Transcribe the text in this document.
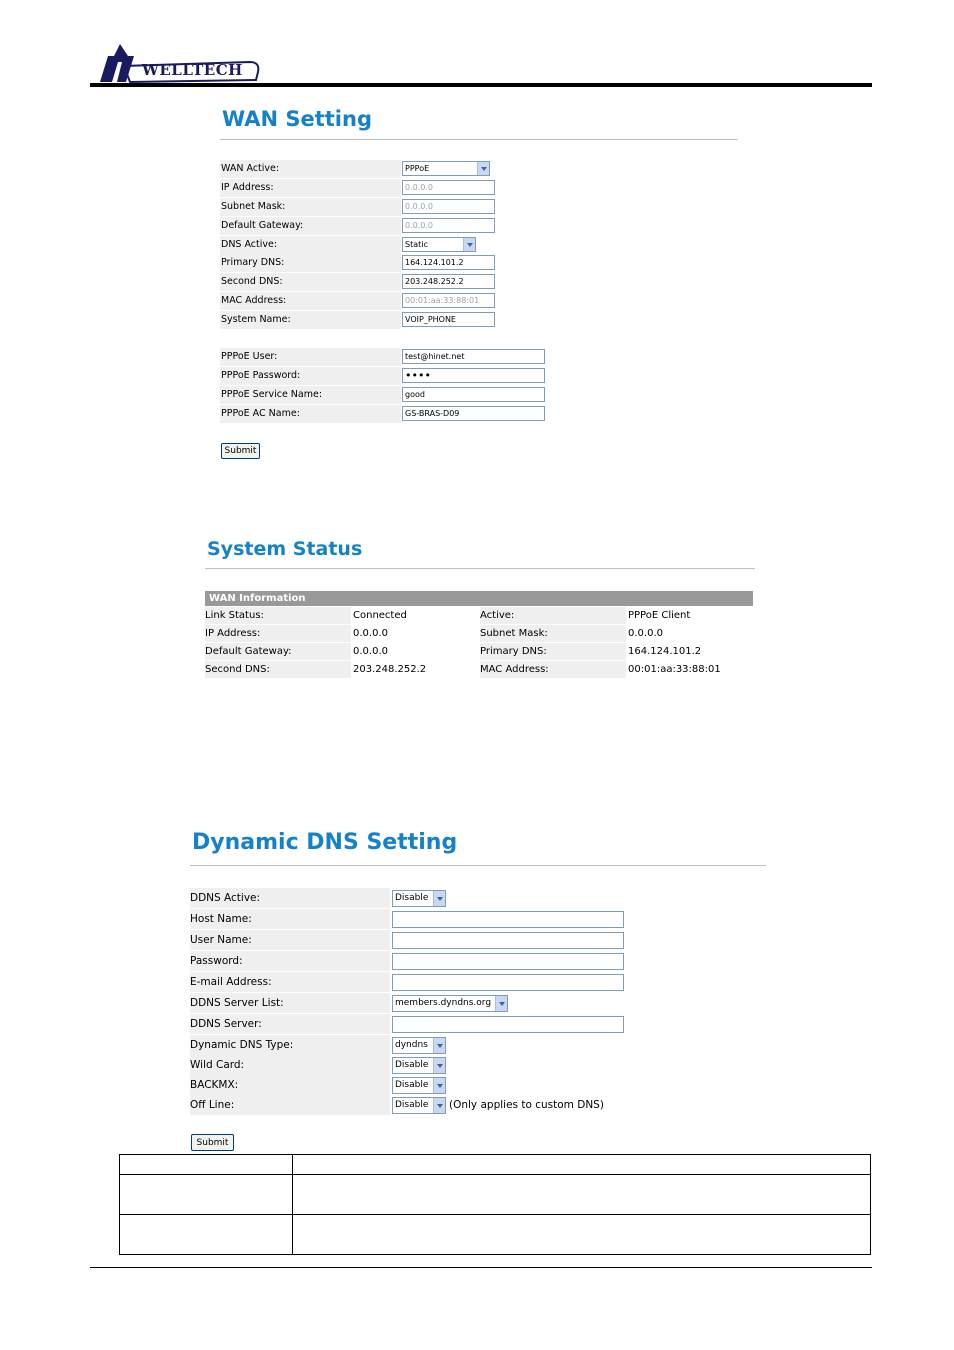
WELLTECH
WAN Setting
WAN Active:	PPPoE
IP Address:	0.0.0.0
Subnet Mask:	0.0.0.0
Default Gateway:	0.0.0.0
DNS Active:	Static
Primary DNS:	164.124.101.2
Second DNS:	203.248.252.2
MAC Address:	00:01:aa:33:88:01
System Name:	VOIP_PHONE
PPPoE User:	test@hinet.net
PPPoE Password:	••••
PPPoE Service Name:	good
PPPoE AC Name:	GS-BRAS-D09
Submit
System Status
WAN Information
Link Status:	Connected	Active:	PPPoE Client
IP Address:	0.0.0.0	Subnet Mask:	0.0.0.0
Default Gateway:	0.0.0.0	Primary DNS:	164.124.101.2
Second DNS:	203.248.252.2	MAC Address:	00:01:aa:33:88:01
Dynamic DNS Setting
DDNS Active:	Disable
Host Name:
User Name:
Password:
E-mail Address:
DDNS Server List:	members.dyndns.org
DDNS Server:
Dynamic DNS Type:	dyndns
Wild Card:	Disable
BACKMX:	Disable
Off Line:	Disable	(Only applies to custom DNS)
Submit
